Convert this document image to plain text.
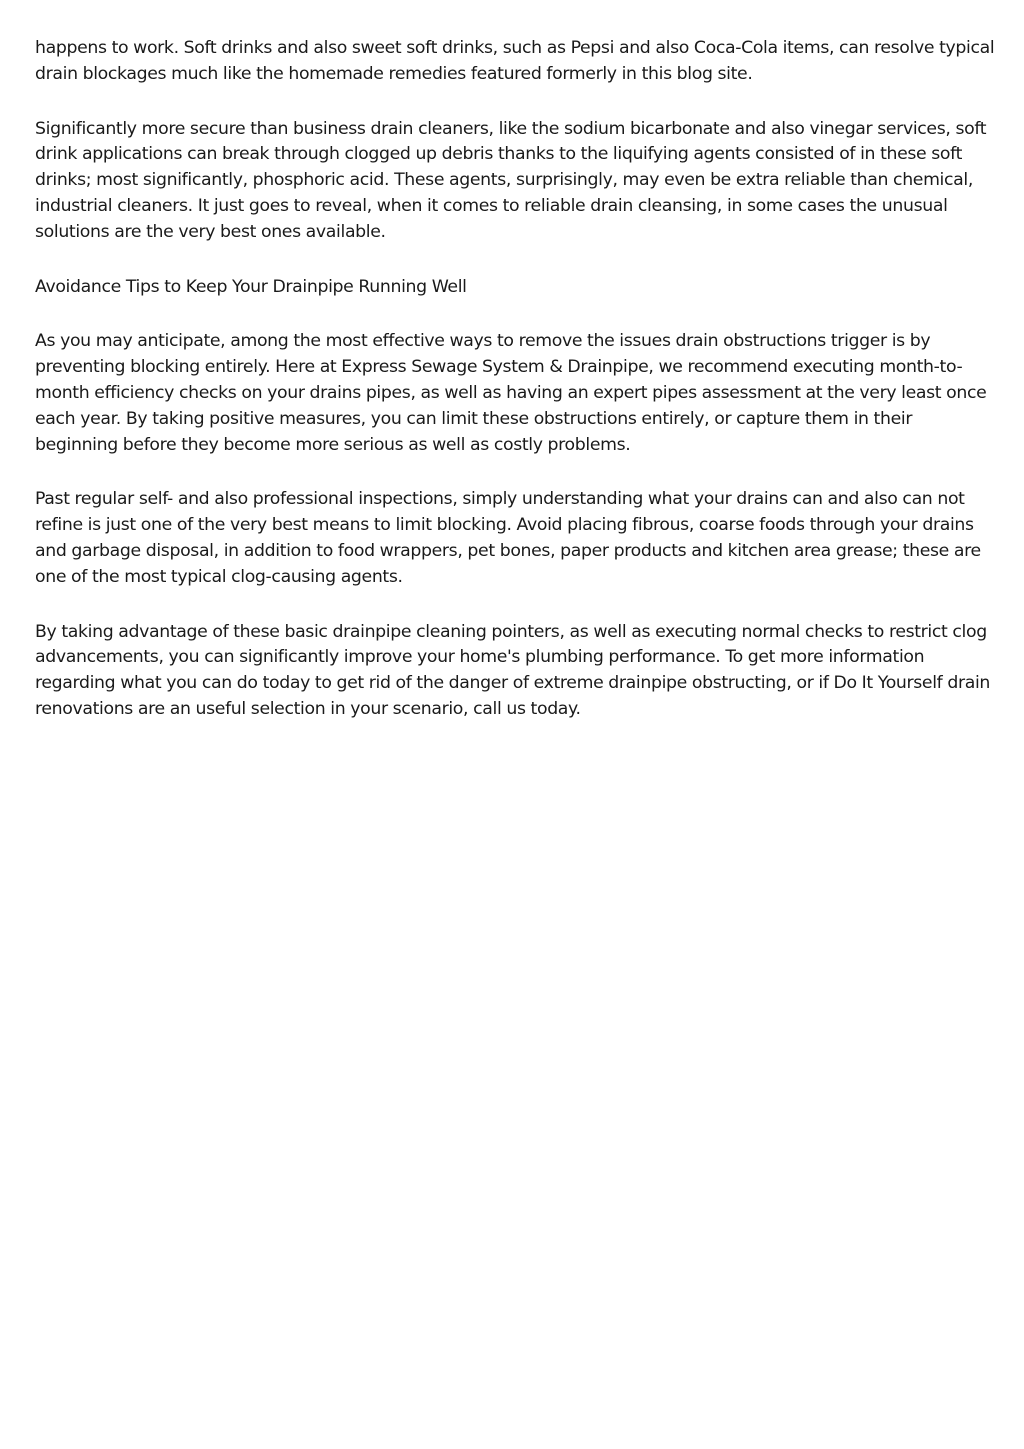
happens to work. Soft drinks and also sweet soft drinks, such as Pepsi and also Coca-Cola items, can resolve typical drain blockages much like the homemade remedies featured formerly in this blog site.

Significantly more secure than business drain cleaners, like the sodium bicarbonate and also vinegar services, soft drink applications can break through clogged up debris thanks to the liquifying agents consisted of in these soft drinks; most significantly, phosphoric acid. These agents, surprisingly, may even be extra reliable than chemical, industrial cleaners. It just goes to reveal, when it comes to reliable drain cleansing, in some cases the unusual solutions are the very best ones available.

Avoidance Tips to Keep Your Drainpipe Running Well

As you may anticipate, among the most effective ways to remove the issues drain obstructions trigger is by preventing blocking entirely. Here at Express Sewage System & Drainpipe, we recommend executing month-to-month efficiency checks on your drains pipes, as well as having an expert pipes assessment at the very least once each year. By taking positive measures, you can limit these obstructions entirely, or capture them in their beginning before they become more serious as well as costly problems.

Past regular self- and also professional inspections, simply understanding what your drains can and also can not refine is just one of the very best means to limit blocking. Avoid placing fibrous, coarse foods through your drains and garbage disposal, in addition to food wrappers, pet bones, paper products and kitchen area grease; these are one of the most typical clog-causing agents.

By taking advantage of these basic drainpipe cleaning pointers, as well as executing normal checks to restrict clog advancements, you can significantly improve your home's plumbing performance. To get more information regarding what you can do today to get rid of the danger of extreme drainpipe obstructing, or if Do It Yourself drain renovations are an useful selection in your scenario, call us today.
